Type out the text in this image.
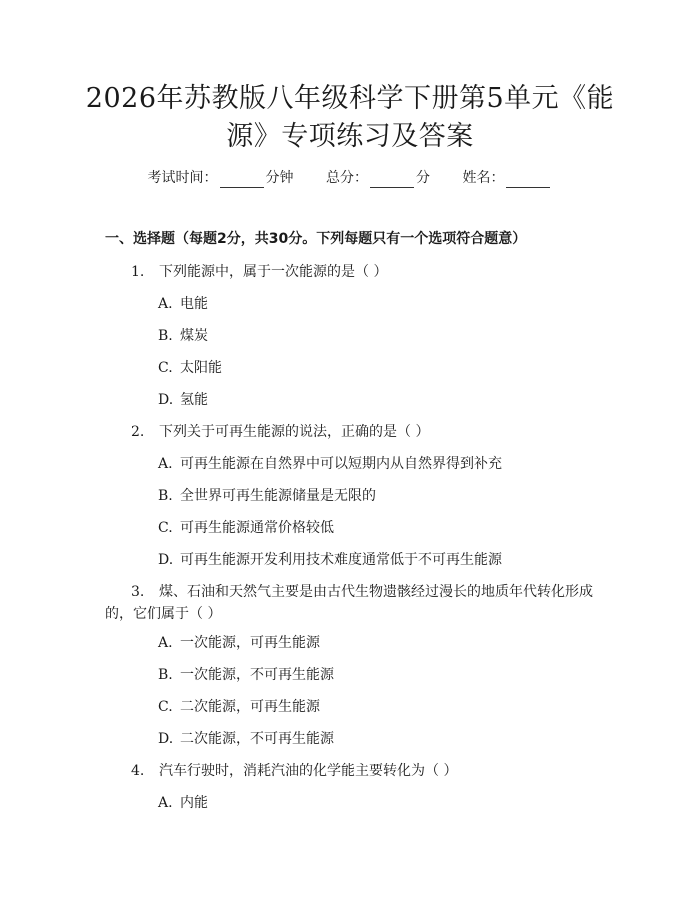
2026年苏教版八年级科学下册第5单元《能
源》专项练习及答案
考试时间：	分钟 总分：	分 姓名：
一、选择题（每题2分，共30分。下列每题只有一个选项符合题意）
1. 下列能源中，属于一次能源的是（ ）
A. 电能
B. 煤炭
C. 太阳能
D. 氢能
2. 下列关于可再生能源的说法，正确的是（ ）
A. 可再生能源在自然界中可以短期内从自然界得到补充
B. 全世界可再生能源储量是无限的
C. 可再生能源通常价格较低
D. 可再生能源开发利用技术难度通常低于不可再生能源
3. 煤、石油和天然气主要是由古代生物遗骸经过漫长的地质年代转化形成
的，它们属于（ ）
A. 一次能源，可再生能源
B. 一次能源，不可再生能源
C. 二次能源，可再生能源
D. 二次能源，不可再生能源
4. 汽车行驶时，消耗汽油的化学能主要转化为（ ）
A. 内能
